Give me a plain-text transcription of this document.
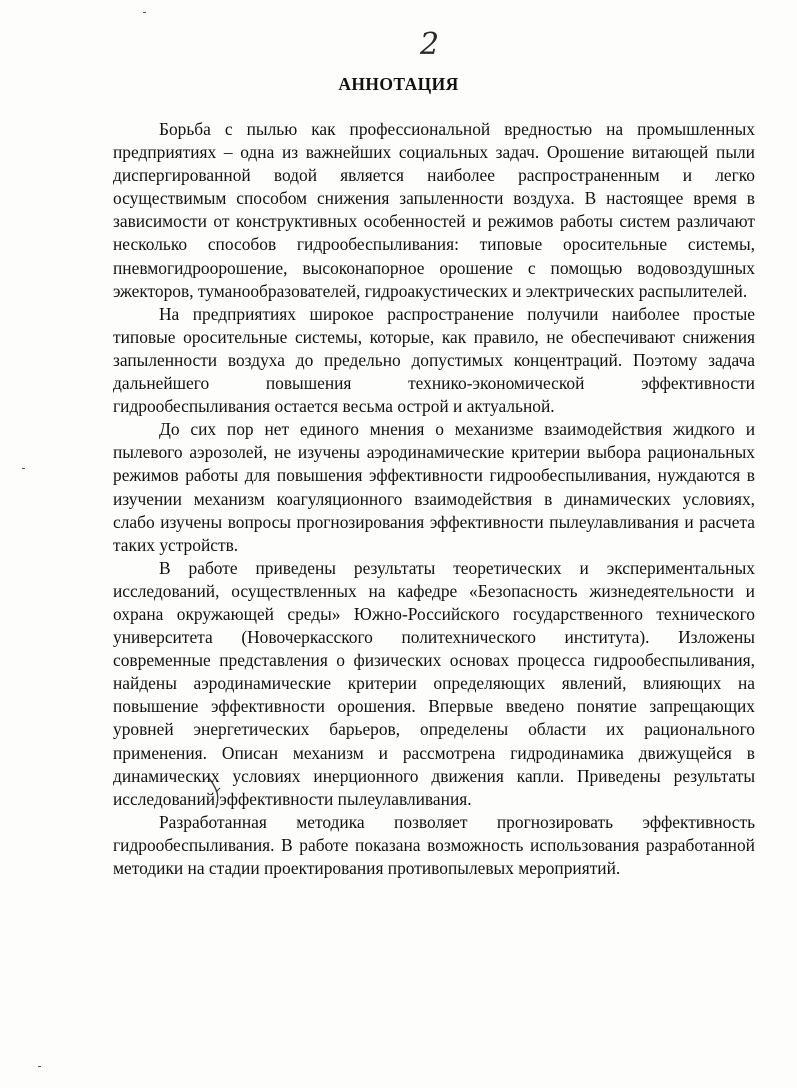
2
АННОТАЦИЯ

Борьба с пылью как профессиональной вредностью на промышленных предприятиях – одна из важнейших социальных задач. Орошение витающей пыли диспергированной водой является наиболее распространенным и легко осуществимым способом снижения запыленности воздуха. В настоящее время в зависимости от конструктивных особенностей и режимов работы систем различают несколько способов гидрообеспыливания: типовые оросительные системы, пневмогидроорошение, высоконапорное орошение с помощью водовоздушных эжекторов, туманообразователей, гидроакустических и электрических распылителей.

На предприятиях широкое распространение получили наиболее простые типовые оросительные системы, которые, как правило, не обеспечивают снижения запыленности воздуха до предельно допустимых концентраций. Поэтому задача дальнейшего повышения технико-экономической эффективности гидрообеспыливания остается весьма острой и актуальной.

До сих пор нет единого мнения о механизме взаимодействия жидкого и пылевого аэрозолей, не изучены аэродинамические критерии выбора рациональных режимов работы для повышения эффективности гидрообеспыливания, нуждаются в изучении механизм коагуляционного взаимодействия в динамических условиях, слабо изучены вопросы прогнозирования эффективности пылеулавливания и расчета таких устройств.

В работе приведены результаты теоретических и экспериментальных исследований, осуществленных на кафедре «Безопасность жизнедеятельности и охрана окружающей среды» Южно-Российского государственного технического университета (Новочеркасского политехнического института). Изложены современные представления о физических основах процесса гидрообеспыливания, найдены аэродинамические критерии определяющих явлений, влияющих на повышение эффективности орошения. Впервые введено понятие запрещающих уровней энергетических барьеров, определены области их рационального применения. Описан механизм и рассмотрена гидродинамика движущейся в динамических условиях инерционного движения капли. Приведены результаты исследований эффективности пылеулавливания.

Разработанная методика позволяет прогнозировать эффективность гидрообеспыливания. В работе показана возможность использования разработанной методики на стадии проектирования противопылевых мероприятий.
